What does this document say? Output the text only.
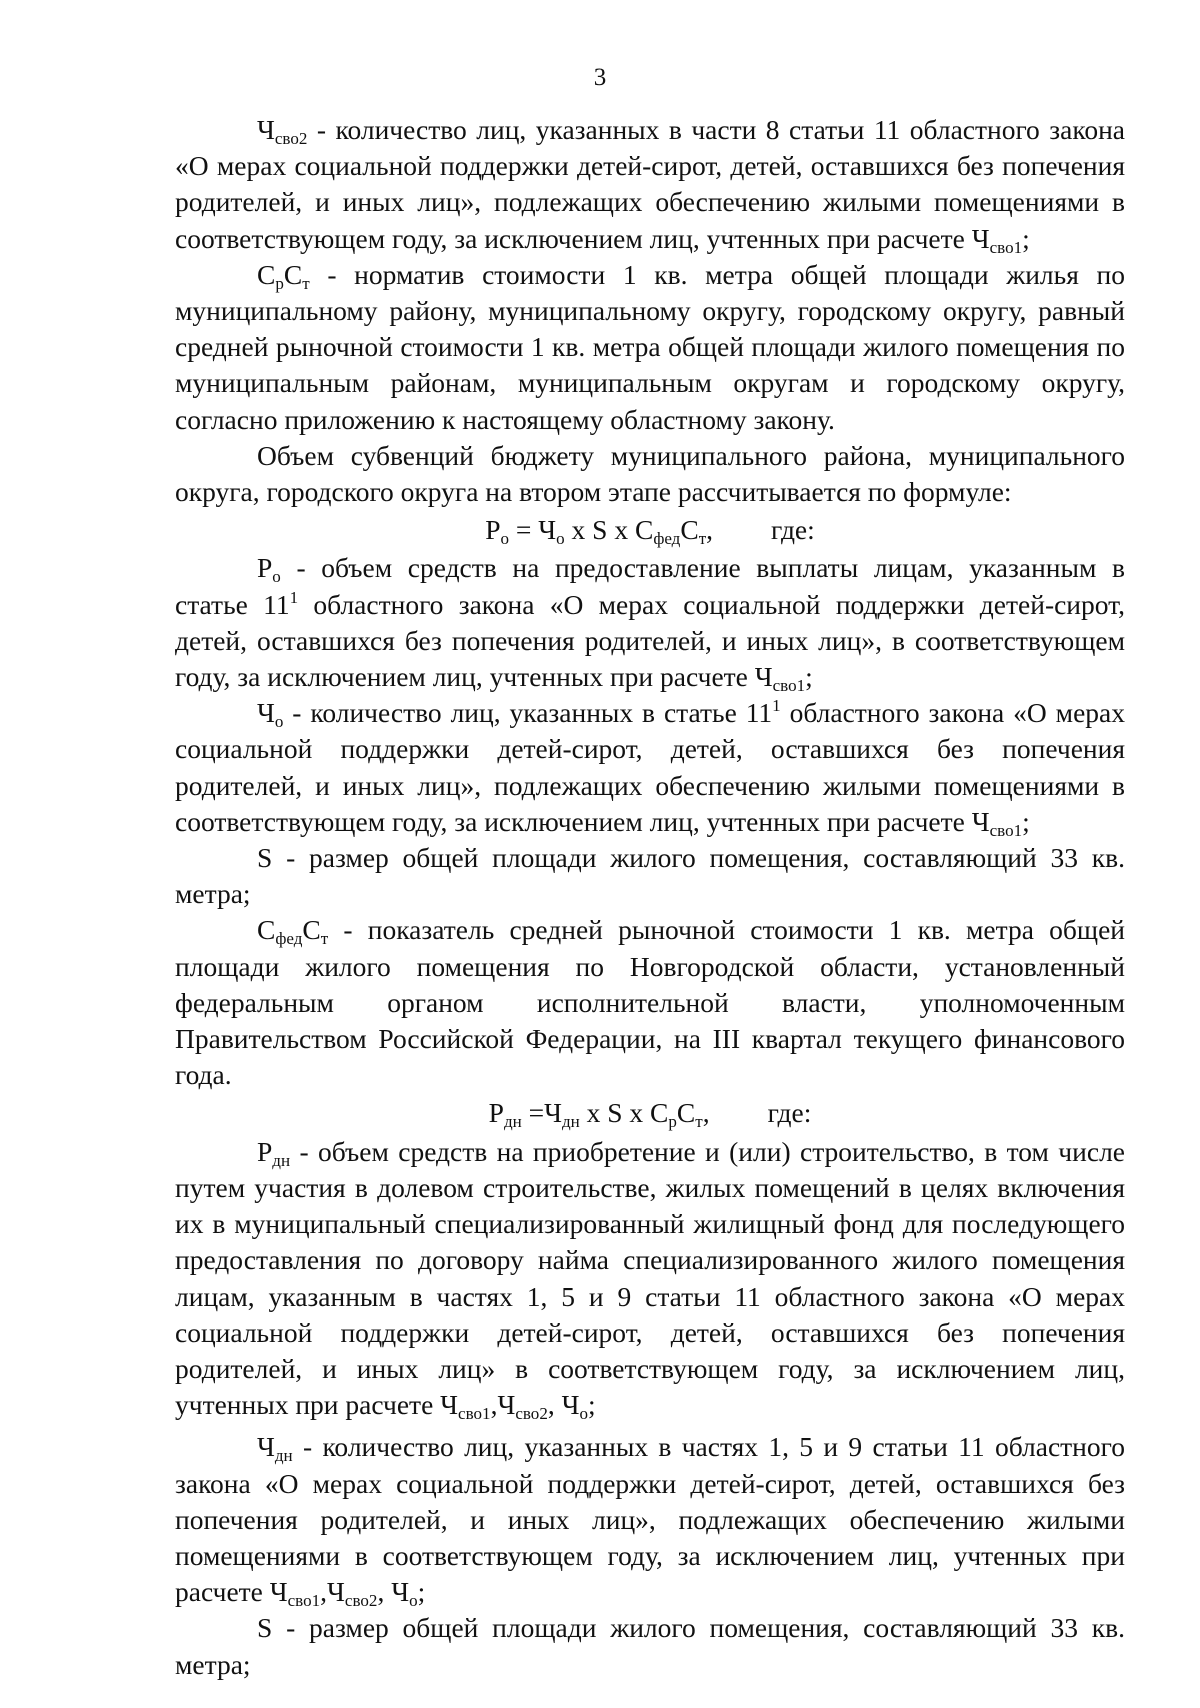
3

$Ч_{сво2}$ - количество лиц, указанных в части 8 статьи 11 областного закона «О мерах социальной поддержки детей-сирот, детей, оставшихся без попечения родителей, и иных лиц», подлежащих обеспечению жилыми помещениями в соответствующем году, за исключением лиц, учтенных при расчете $Ч_{сво1}$;

$С_рС_т$ - норматив стоимости 1 кв. метра общей площади жилья по муниципальному району, муниципальному округу, городскому округу, равный средней рыночной стоимости 1 кв. метра общей площади жилого помещения по муниципальным районам, муниципальным округам и городскому округу, согласно приложению к настоящему областному закону.

Объем субвенций бюджету муниципального района, муниципального округа, городского округа на втором этапе рассчитывается по формуле:

$Р_о = Ч_о$ x S x $С_{фед}С_т$, где:

$Р_о$ - объем средств на предоставление выплаты лицам, указанным в статье $11^1$ областного закона «О мерах социальной поддержки детей-сирот, детей, оставшихся без попечения родителей, и иных лиц», в соответствующем году, за исключением лиц, учтенных при расчете $Ч_{сво1}$;

$Ч_о$ - количество лиц, указанных в статье $11^1$ областного закона «О мерах социальной поддержки детей-сирот, детей, оставшихся без попечения родителей, и иных лиц», подлежащих обеспечению жилыми помещениями в соответствующем году, за исключением лиц, учтенных при расчете $Ч_{сво1}$;

S - размер общей площади жилого помещения, составляющий 33 кв. метра;

$С_{фед}С_т$ - показатель средней рыночной стоимости 1 кв. метра общей площади жилого помещения по Новгородской области, установленный федеральным органом исполнительной власти, уполномоченным Правительством Российской Федерации, на III квартал текущего финансового года.

$Р_{дн} =Ч_{дн}$ x S x $С_рС_т$, где:

$Р_{дн}$ - объем средств на приобретение и (или) строительство, в том числе путем участия в долевом строительстве, жилых помещений в целях включения их в муниципальный специализированный жилищный фонд для последующего предоставления по договору найма специализированного жилого помещения лицам, указанным в частях 1, 5 и 9 статьи 11 областного закона «О мерах социальной поддержки детей-сирот, детей, оставшихся без попечения родителей, и иных лиц» в соответствующем году, за исключением лиц, учтенных при расчете $Ч_{сво1},Ч_{сво2}$, $Ч_о$;

$Ч_{дн}$ - количество лиц, указанных в частях 1, 5 и 9 статьи 11 областного закона «О мерах социальной поддержки детей-сирот, детей, оставшихся без попечения родителей, и иных лиц», подлежащих обеспечению жилыми помещениями в соответствующем году, за исключением лиц, учтенных при расчете $Ч_{сво1},Ч_{сво2}$, $Ч_о$;

S - размер общей площади жилого помещения, составляющий 33 кв. метра;
